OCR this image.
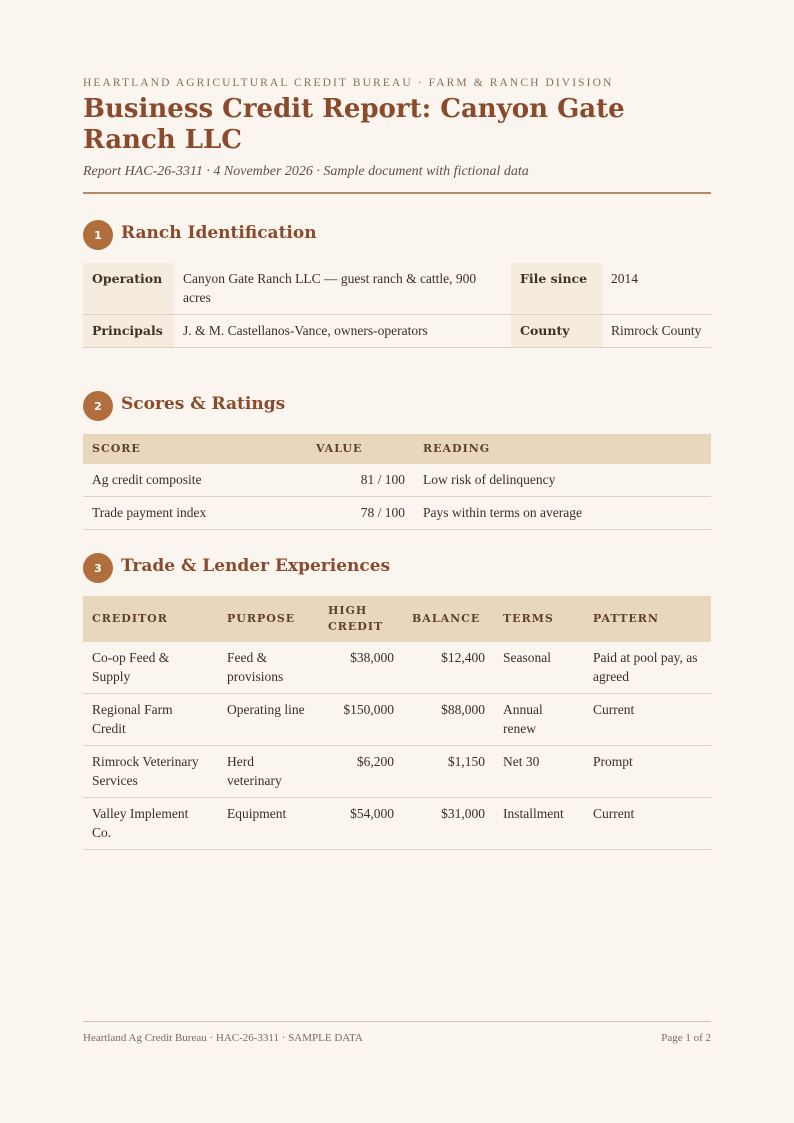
HEARTLAND AGRICULTURAL CREDIT BUREAU · FARM & RANCH DIVISION
Business Credit Report: Canyon Gate Ranch LLC
Report HAC-26-3311 · 4 November 2026 · Sample document with fictional data
1	Ranch Identification
Operation	Canyon Gate Ranch LLC — guest ranch & cattle, 900 acres	File since	2014
Principals	J. & M. Castellanos-Vance, owners-operators	County	Rimrock County
2	Scores & Ratings
SCORE	VALUE	READING
Ag credit composite	81 / 100	Low risk of delinquency
Trade payment index	78 / 100	Pays within terms on average
3	Trade & Lender Experiences
CREDITOR	PURPOSE	HIGH CREDIT	BALANCE	TERMS	PATTERN
Co-op Feed & Supply	Feed & provisions	$38,000	$12,400	Seasonal	Paid at pool pay, as agreed
Regional Farm Credit	Operating line	$150,000	$88,000	Annual renew	Current
Rimrock Veterinary Services	Herd veterinary	$6,200	$1,150	Net 30	Prompt
Valley Implement Co.	Equipment	$54,000	$31,000	Installment	Current
Heartland Ag Credit Bureau · HAC-26-3311 · SAMPLE DATA	Page 1 of 2
